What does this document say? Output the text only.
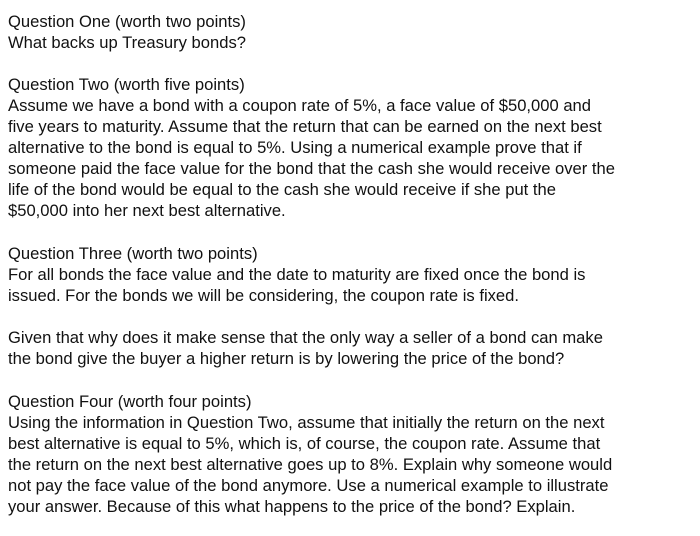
Question One (worth two points)

What backs up Treasury bonds?

Question Two (worth five points)

Assume we have a bond with a coupon rate of 5%, a face value of $50,000 and

five years to maturity. Assume that the return that can be earned on the next best

alternative to the bond is equal to 5%. Using a numerical example prove that if

someone paid the face value for the bond that the cash she would receive over the

life of the bond would be equal to the cash she would receive if she put the

$50,000 into her next best alternative.

Question Three (worth two points)

For all bonds the face value and the date to maturity are fixed once the bond is

issued. For the bonds we will be considering, the coupon rate is fixed.

Given that why does it make sense that the only way a seller of a bond can make

the bond give the buyer a higher return is by lowering the price of the bond?

Question Four (worth four points)

Using the information in Question Two, assume that initially the return on the next

best alternative is equal to 5%, which is, of course, the coupon rate. Assume that

the return on the next best alternative goes up to 8%. Explain why someone would

not pay the face value of the bond anymore. Use a numerical example to illustrate

your answer. Because of this what happens to the price of the bond? Explain.
